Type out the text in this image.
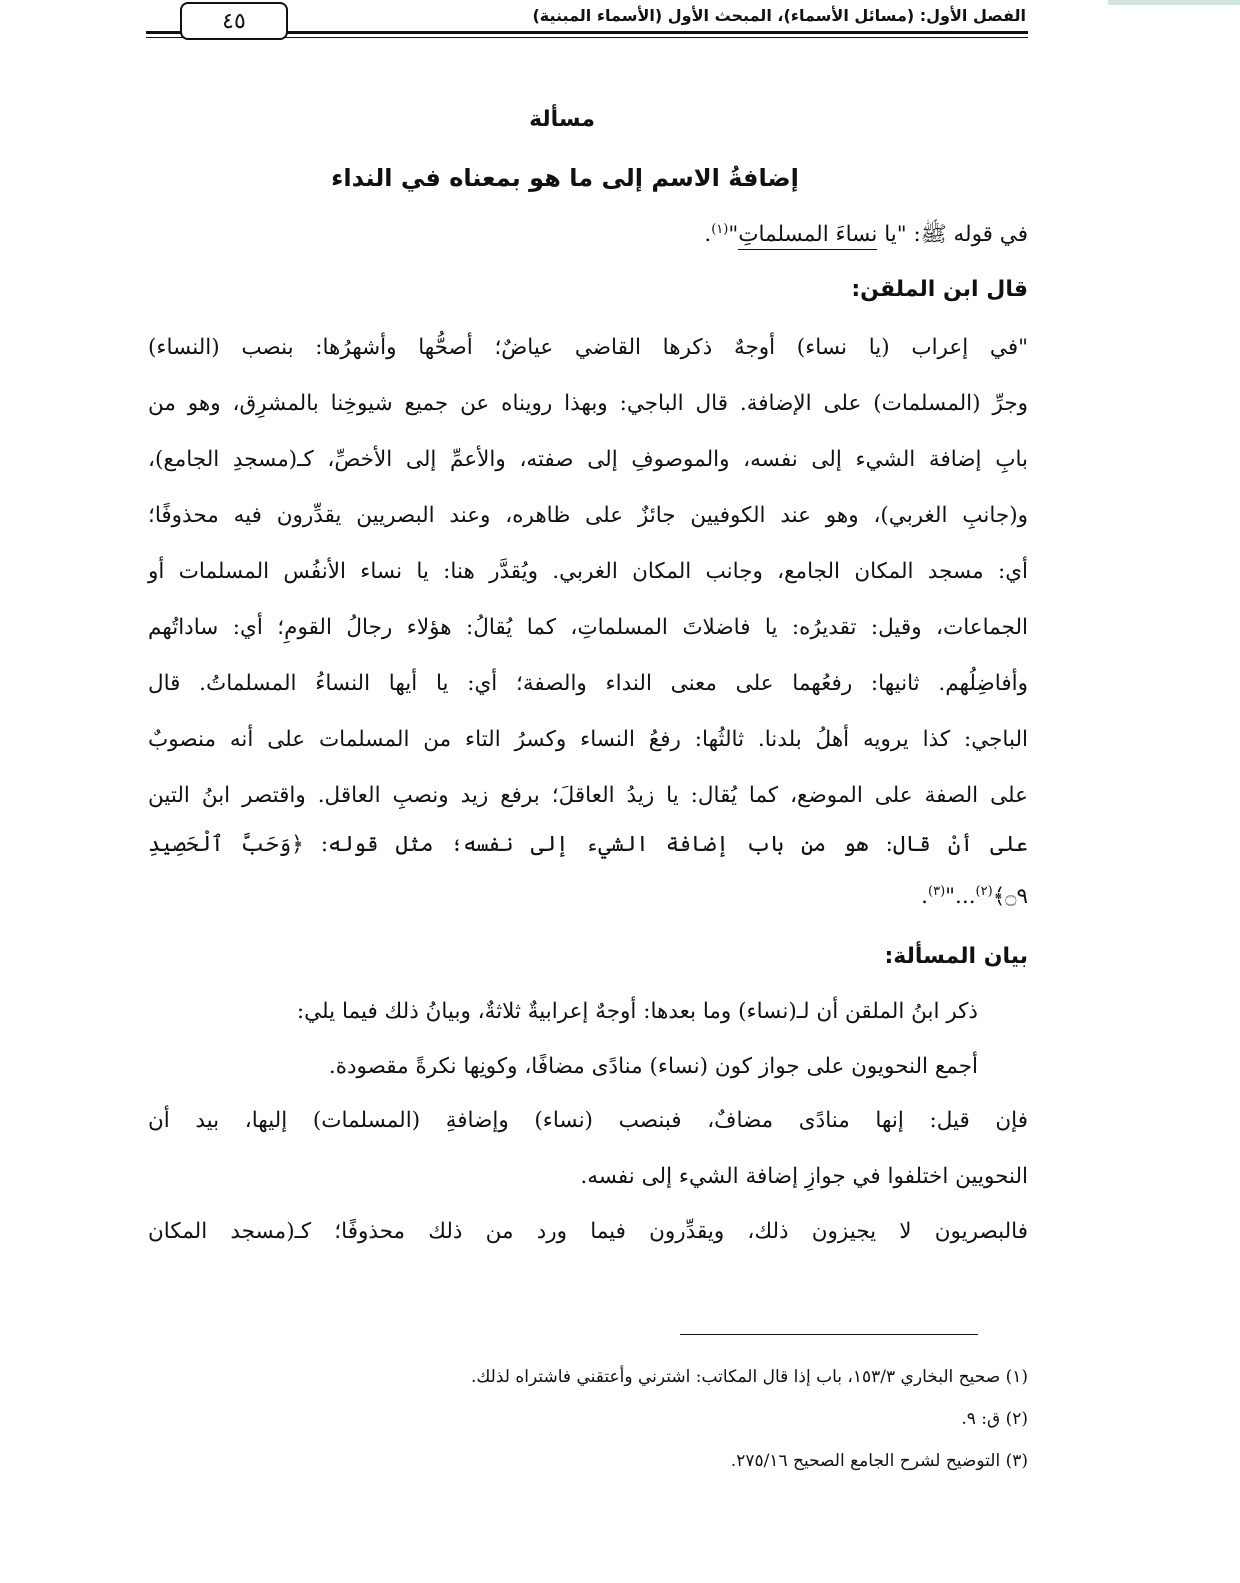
الفصل الأول: (مسائل الأسماء)، المبحث الأول (الأسماء المبنية)
٤٥
مسألة
إضافةُ الاسم إلى ما هو بمعناه في النداء
في قوله ﷺ: "يا نساءَ المسلماتِ"$^{(١)}$.
قال ابن الملقن:
"في إعراب (يا نساء) أوجهٌ ذكرها القاضي عياضٌ؛ أصحُّها وأشهرُها: بنصب (النساء)
وجرِّ (المسلمات) على الإضافة. قال الباجي: وبهذا رويناه عن جميع شيوخِنا بالمشرِق، وهو من
بابِ إضافة الشيء إلى نفسه، والموصوفِ إلى صفته، والأعمِّ إلى الأخصِّ، كـ(مسجدِ الجامع)،
و(جانبِ الغربي)، وهو عند الكوفيين جائزٌ على ظاهره، وعند البصريين يقدِّرون فيه محذوفًا؛
أي: مسجد المكان الجامع، وجانب المكان الغربي. ويُقدَّر هنا: يا نساء الأنفُس المسلمات أو
الجماعات، وقيل: تقديرُه: يا فاضلاتَ المسلماتِ، كما يُقالُ: هؤلاء رجالُ القومِ؛ أي: ساداتُهم
وأفاضِلُهم. ثانيها: رفعُهما على معنى النداء والصفة؛ أي: يا أيها النساءُ المسلماتُ. قال
الباجي: كذا يرويه أهلُ بلدنا. ثالثُها: رفعُ النساء وكسرُ التاء من المسلمات على أنه منصوبٌ
على الصفة على الموضع، كما يُقال: يا زيدُ العاقلَ؛ برفع زيد ونصبِ العاقل. واقتصر ابنُ التين
على أنْ قال: هو من باب إضافة الشيء إلى نفسه؛ مثل قوله: ﴿وَحَبَّ ٱلْحَصِيدِ
۝٩﴾$^{(٢)}$..."$^{(٣)}$.
بيان المسألة:
ذكر ابنُ الملقن أن لـ(نساء) وما بعدها: أوجهٌ إعرابيةٌ ثلاثةٌ، وبيانُ ذلك فيما يلي:
أجمع النحويون على جواز كون (نساء) منادًى مضافًا، وكونِها نكرةً مقصودة.
فإن قيل: إنها منادًى مضافٌ، فبنصب (نساء) وإضافةِ (المسلمات) إليها، بيد أن
النحويين اختلفوا في جوازِ إضافة الشيء إلى نفسه.
فالبصريون لا يجيزون ذلك، ويقدِّرون فيما ورد من ذلك محذوفًا؛ كـ(مسجد المكان
(١) صحيح البخاري ١٥٣/٣، باب إذا قال المكاتب: اشترني وأعتقني فاشتراه لذلك.
(٢) ق: ٩.
(٣) التوضيح لشرح الجامع الصحيح ٢٧٥/١٦.
